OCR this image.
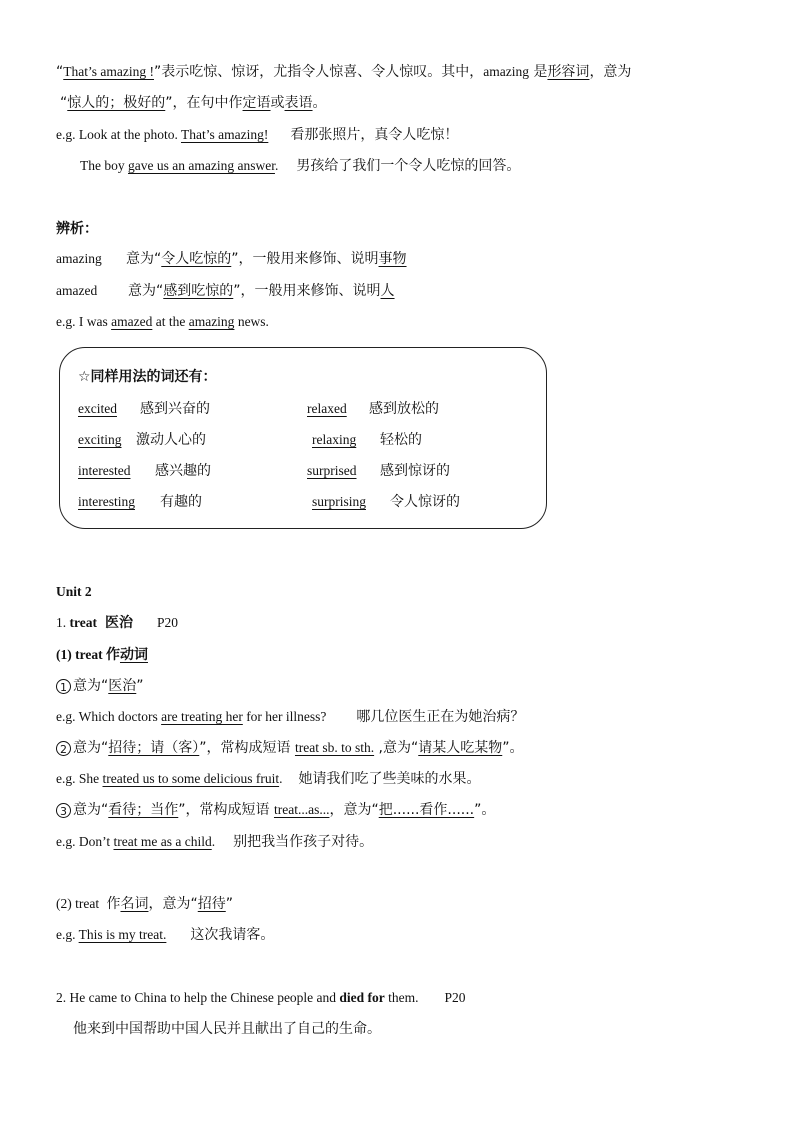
“That’s amazing !”表示吃惊、惊讶，尤指令人惊喜、令人惊叹。其中，amazing 是形容词，意为
“惊人的；极好的”，在句中作定语或表语。
e.g. Look at the photo. That’s amazing! 看那张照片，真令人吃惊！
The boy gave us an amazing answer. 男孩给了我们一个令人吃惊的回答。
辨析：
amazing 意为“令人吃惊的”，一般用来修饰、说明事物
amazed 意为“感到吃惊的”，一般用来修饰、说明人
e.g. I was amazed at the amazing news.
☆同样用法的词还有：
excited 感到兴奋的
exciting 激动人心的
interested 感兴趣的
interesting 有趣的
relaxed 感到放松的
relaxing 轻松的
surprised 感到惊讶的
surprising 令人惊讶的
Unit 2
1. treat 医治 P20
(1) treat 作动词
1 意为“医治”
e.g. Which doctors are treating her for her illness? 哪几位医生正在为她治病？
2 意为“招待；请（客）”，常构成短语 treat sb. to sth. ,意为“请某人吃某物”。
e.g. She treated us to some delicious fruit. 她请我们吃了些美味的水果。
3 意为“看待；当作”，常构成短语 treat...as...，意为“把......看作......”。
e.g. Don’t treat me as a child. 别把我当作孩子对待。
(2) treat 作名词，意为“招待”
e.g. This is my treat. 这次我请客。
2. He came to China to help the Chinese people and died for them. P20
他来到中国帮助中国人民并且献出了自己的生命。
